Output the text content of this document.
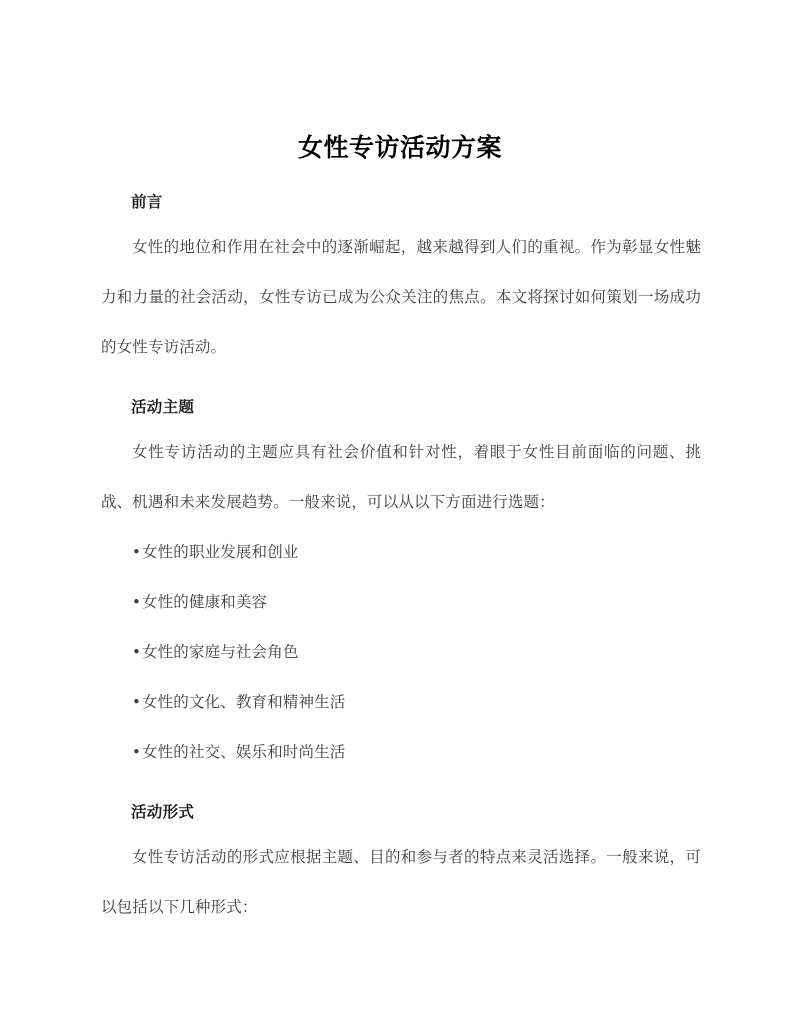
女性专访活动方案
前言

女性的地位和作用在社会中的逐渐崛起，越来越得到人们的重视。作为彰显女性魅力和力量的社会活动，女性专访已成为公众关注的焦点。本文将探讨如何策划一场成功的女性专访活动。

活动主题

女性专访活动的主题应具有社会价值和针对性，着眼于女性目前面临的问题、挑战、机遇和未来发展趋势。一般来说，可以从以下方面进行选题：

•女性的职业发展和创业
•女性的健康和美容
•女性的家庭与社会角色
•女性的文化、教育和精神生活
•女性的社交、娱乐和时尚生活
活动形式

女性专访活动的形式应根据主题、目的和参与者的特点来灵活选择。一般来说，可以包括以下几种形式：
